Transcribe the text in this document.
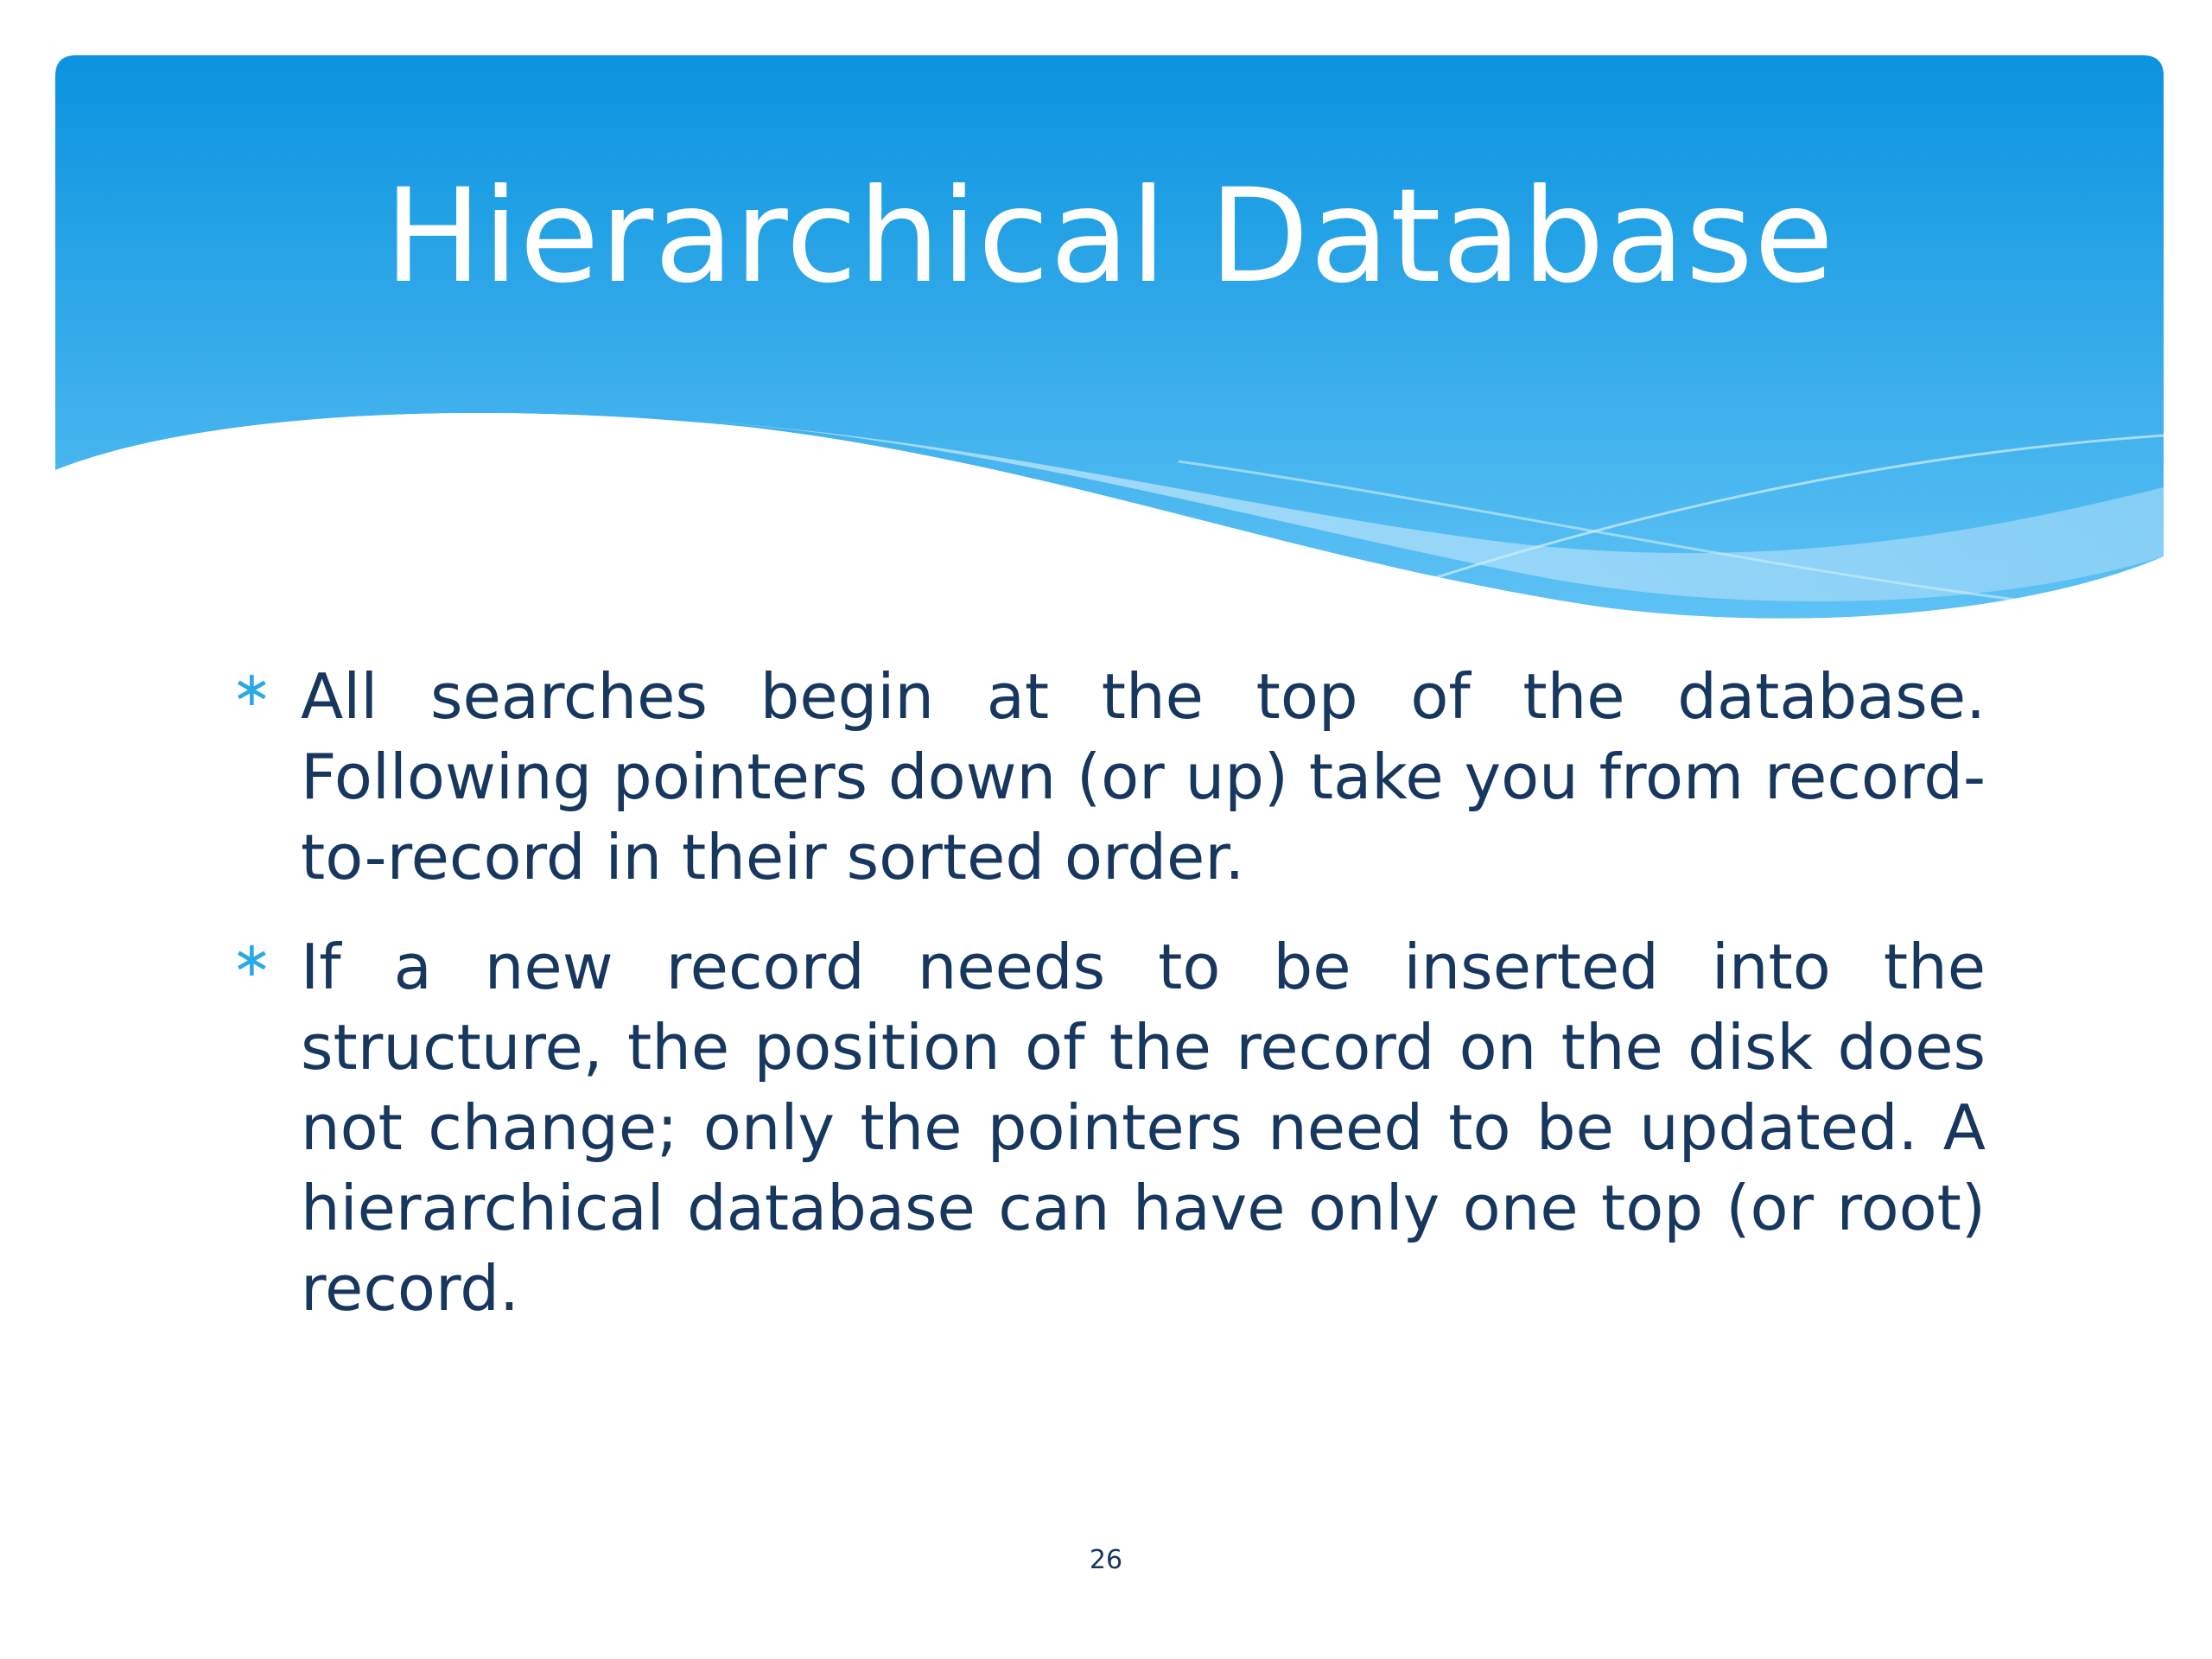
Hierarchical Database
∗ All searches begin at the top of the database. Following pointers down (or up) take you from record-to-record in their sorted order.
∗ If a new record needs to be inserted into the structure, the position of the record on the disk does not change; only the pointers need to be updated. A hierarchical database can have only one top (or root) record.
26
